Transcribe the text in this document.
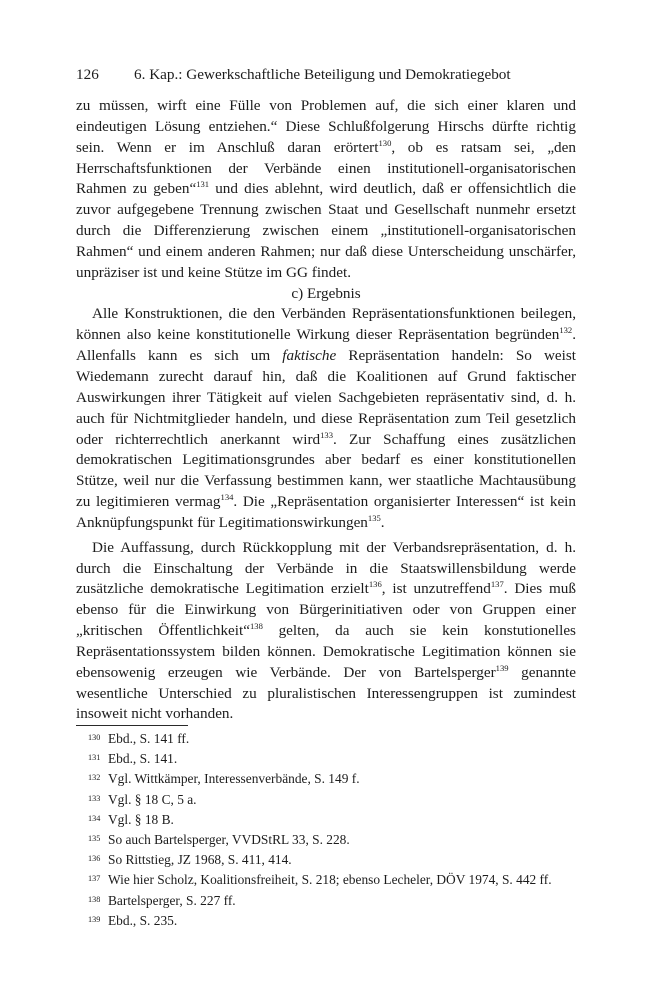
126 6. Kap.: Gewerkschaftliche Beteiligung und Demokratiegebot

zu müssen, wirft eine Fülle von Problemen auf, die sich einer klaren und eindeutigen Lösung entziehen.“ Diese Schlußfolgerung Hirschs dürfte richtig sein. Wenn er im Anschluß daran erörtert$^{130}$, ob es ratsam sei, „den Herrschaftsfunktionen der Verbände einen institutionell-organisatorischen Rahmen zu geben“$^{131}$ und dies ablehnt, wird deutlich, daß er offensichtlich die zuvor aufgegebene Trennung zwischen Staat und Gesellschaft nunmehr ersetzt durch die Differenzierung zwischen einem „institutionell-organisatorischen Rahmen“ und einem anderen Rahmen; nur daß diese Unterscheidung unschärfer, unpräziser ist und keine Stütze im GG findet.

c) Ergebnis

Alle Konstruktionen, die den Verbänden Repräsentationsfunktionen beilegen, können also keine konstitutionelle Wirkung dieser Repräsentation begründen$^{132}$. Allenfalls kann es sich um faktische Repräsentation handeln: So weist Wiedemann zurecht darauf hin, daß die Koalitionen auf Grund faktischer Auswirkungen ihrer Tätigkeit auf vielen Sachgebieten repräsentativ sind, d. h. auch für Nichtmitglieder handeln, und diese Repräsentation zum Teil gesetzlich oder richterrechtlich anerkannt wird$^{133}$. Zur Schaffung eines zusätzlichen demokratischen Legitimationsgrundes aber bedarf es einer konstitutionellen Stütze, weil nur die Verfassung bestimmen kann, wer staatliche Machtausübung zu legitimieren vermag$^{134}$. Die „Repräsentation organisierter Interessen“ ist kein Anknüpfungspunkt für Legitimationswirkungen$^{135}$.

Die Auffassung, durch Rückkopplung mit der Verbandsrepräsentation, d. h. durch die Einschaltung der Verbände in die Staatswillensbildung werde zusätzliche demokratische Legitimation erzielt$^{136}$, ist unzutreffend$^{137}$. Dies muß ebenso für die Einwirkung von Bürgerinitiativen oder von Gruppen einer „kritischen Öffentlichkeit“$^{138}$ gelten, da auch sie kein konstutionelles Repräsentationssystem bilden können. Demokratische Legitimation können sie ebensowenig erzeugen wie Verbände. Der von Bartelsperger$^{139}$ genannte wesentliche Unterschied zu pluralistischen Interessengruppen ist zumindest insoweit nicht vorhanden.

130 Ebd., S. 141 ff.
131 Ebd., S. 141.
132 Vgl. Wittkämper, Interessenverbände, S. 149 f.
133 Vgl. § 18 C, 5 a.
134 Vgl. § 18 B.
135 So auch Bartelsperger, VVDStRL 33, S. 228.
136 So Rittstieg, JZ 1968, S. 411, 414.
137 Wie hier Scholz, Koalitionsfreiheit, S. 218; ebenso Lecheler, DÖV 1974, S. 442 ff.
138 Bartelsperger, S. 227 ff.
139 Ebd., S. 235.
